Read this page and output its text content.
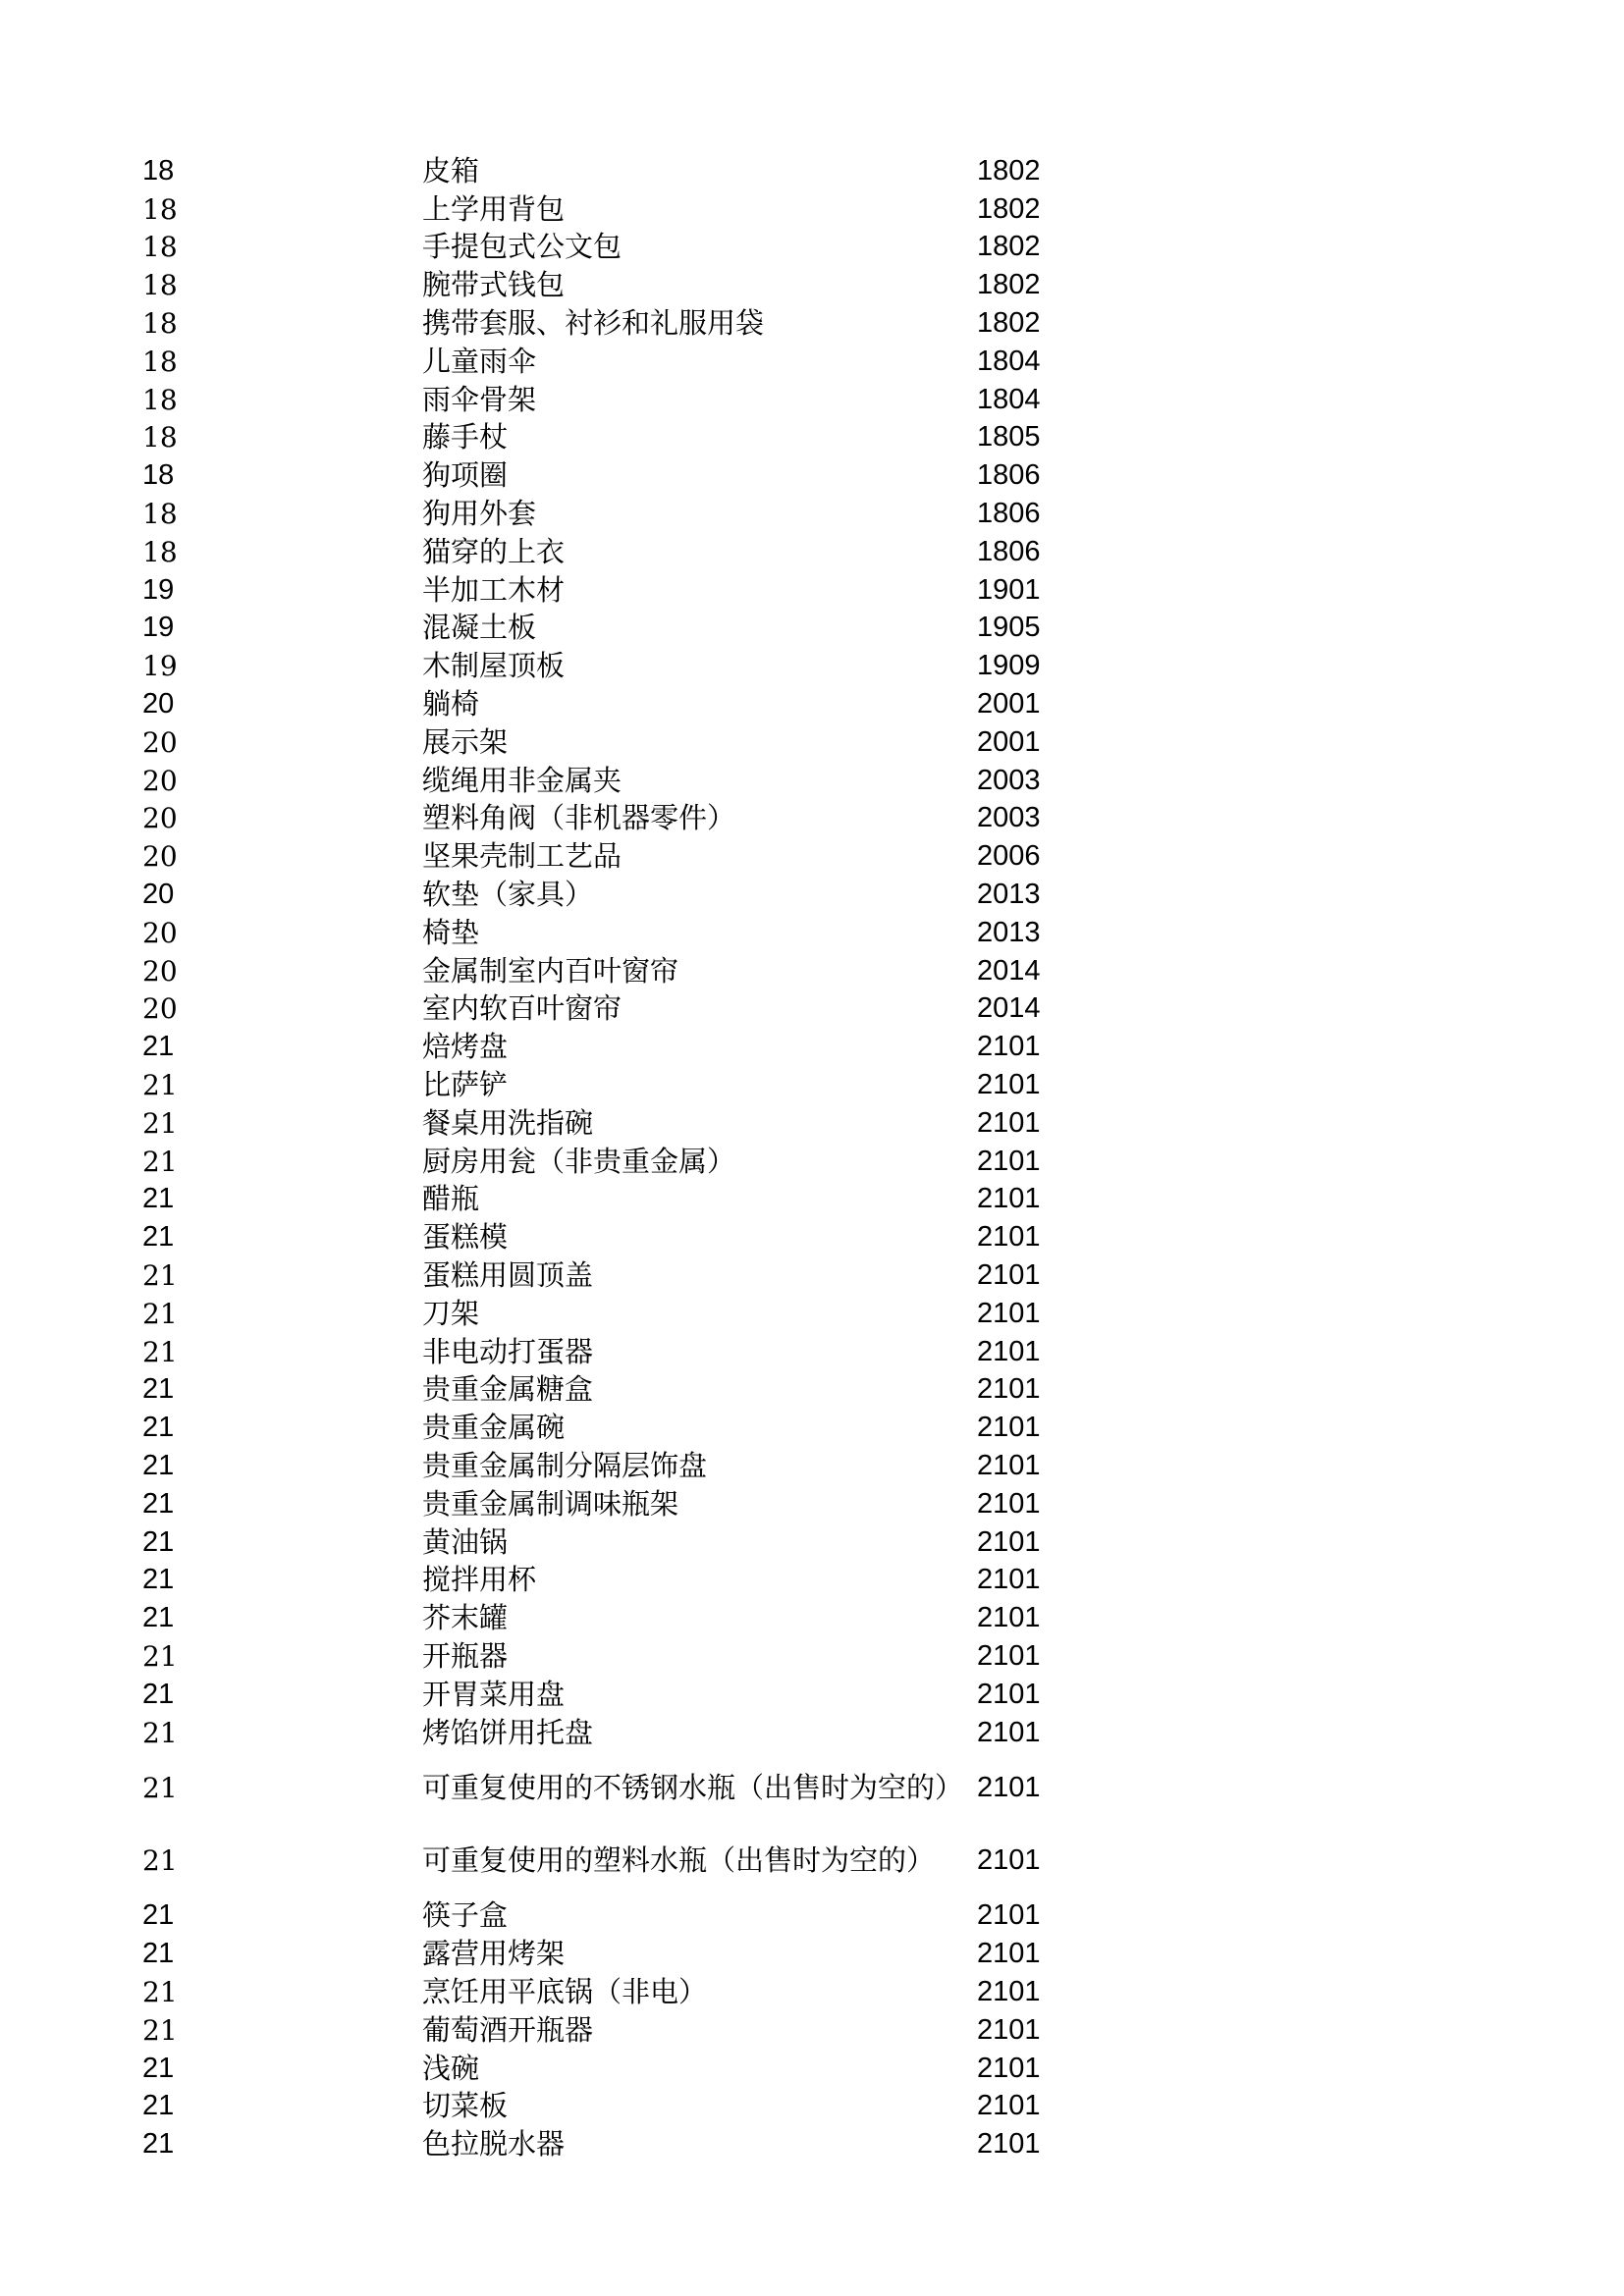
18	皮箱	1802
18	上学用背包	1802
18	手提包式公文包	1802
18	腕带式钱包	1802
18	携带套服、衬衫和礼服用袋	1802
18	儿童雨伞	1804
18	雨伞骨架	1804
18	藤手杖	1805
18	狗项圈	1806
18	狗用外套	1806
18	猫穿的上衣	1806
19	半加工木材	1901
19	混凝土板	1905
19	木制屋顶板	1909
20	躺椅	2001
20	展示架	2001
20	缆绳用非金属夹	2003
20	塑料角阀（非机器零件）	2003
20	坚果壳制工艺品	2006
20	软垫（家具）	2013
20	椅垫	2013
20	金属制室内百叶窗帘	2014
20	室内软百叶窗帘	2014
21	焙烤盘	2101
21	比萨铲	2101
21	餐桌用洗指碗	2101
21	厨房用瓮（非贵重金属）	2101
21	醋瓶	2101
21	蛋糕模	2101
21	蛋糕用圆顶盖	2101
21	刀架	2101
21	非电动打蛋器	2101
21	贵重金属糖盒	2101
21	贵重金属碗	2101
21	贵重金属制分隔层饰盘	2101
21	贵重金属制调味瓶架	2101
21	黄油锅	2101
21	搅拌用杯	2101
21	芥末罐	2101
21	开瓶器	2101
21	开胃菜用盘	2101
21	烤馅饼用托盘	2101
21	可重复使用的不锈钢水瓶（出售时为空的） 2101
21	可重复使用的塑料水瓶（出售时为空的）	2101
21	筷子盒	2101
21	露营用烤架	2101
21	烹饪用平底锅（非电）	2101
21	葡萄酒开瓶器	2101
21	浅碗	2101
21	切菜板	2101
21	色拉脱水器	2101
